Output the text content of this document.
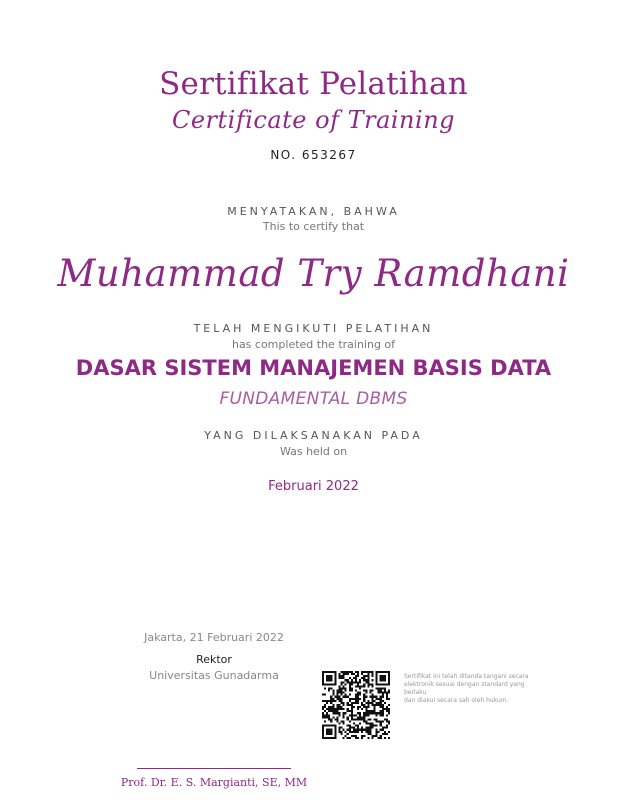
Sertifikat Pelatihan
Certificate of Training
NO. 653267
MENYATAKAN, BAHWA
This to certify that
Muhammad Try Ramdhani
TELAH MENGIKUTI PELATIHAN
has completed the training of
DASAR SISTEM MANAJEMEN BASIS DATA
FUNDAMENTAL DBMS
YANG DILAKSANAKAN PADA
Was held on
Februari 2022
Jakarta, 21 Februari 2022
Rektor
Universitas Gunadarma
Prof. Dr. E. S. Margianti, SE, MM
Sertifikat ini telah ditanda tangani secara
elektronik sesuai dengan standard yang
berlaku
dan diakui secara sah oleh hukum.
